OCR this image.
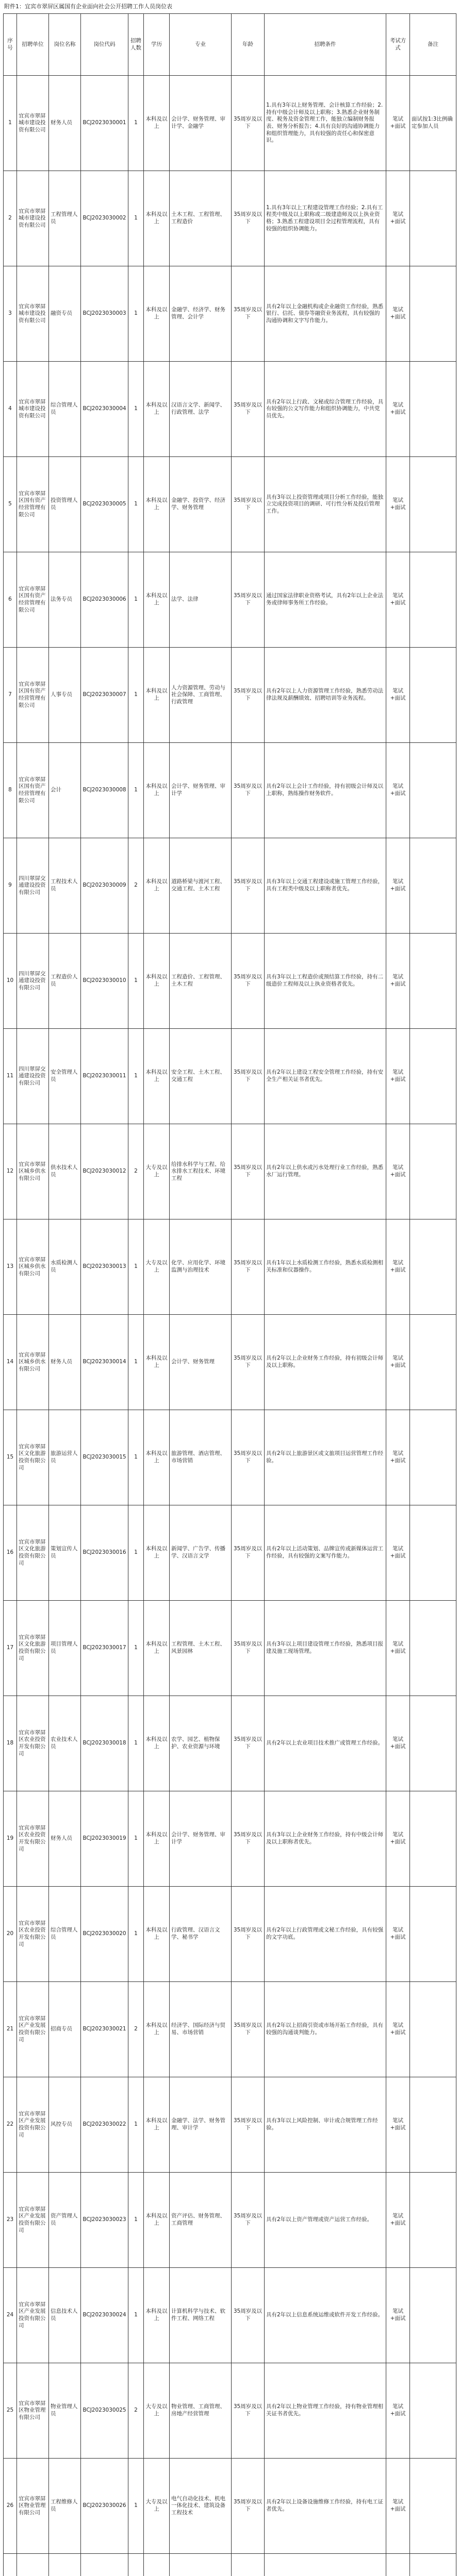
附件1：宜宾市翠屏区属国有企业面向社会公开招聘工作人员岗位表
序号	招聘单位	岗位名称	岗位代码	招聘人数	学历	专业	年龄	招聘条件	考试方式	备注
1	宜宾市翠屏城市建设投资有限公司	财务人员	BCJ2023030001	1	本科及以上	会计学、财务管理、审计学、金融学	35周岁及以下	1.具有3年以上财务管理、会计核算工作经验；2.持有中级会计师及以上职称；3.熟悉企业财务制度、税务及资金管理工作，能独立编制财务报表、财务分析报告；4.具有良好的沟通协调能力和组织管理能力，具有较强的责任心和保密意识。	笔试+面试	面试按1:3比例确定参加人员
2	宜宾市翠屏城市建设投资有限公司	工程管理人员	BCJ2023030002	1	本科及以上	土木工程、工程管理、工程造价	35周岁及以下	1.具有3年以上工程建设管理工作经验；2.具有工程类中级及以上职称或二级建造师及以上执业资格；3.熟悉工程建设项目全过程管理流程，具有较强的组织协调能力。	笔试+面试	
3	宜宾市翠屏城市建设投资有限公司	融资专员	BCJ2023030003	1	本科及以上	金融学、经济学、财务管理、会计学	35周岁及以下	具有2年以上金融机构或企业融资工作经验，熟悉银行、信托、债券等融资业务流程，具有较强的沟通协调和文字写作能力。	笔试+面试	
4	宜宾市翠屏城市建设投资有限公司	综合管理人员	BCJ2023030004	1	本科及以上	汉语言文学、新闻学、行政管理、法学	35周岁及以下	具有2年以上行政、文秘或综合管理工作经验，具有较强的公文写作能力和组织协调能力，中共党员优先。	笔试+面试	
5	宜宾市翠屏区国有资产经营管理有限公司	投资管理人员	BCJ2023030005	1	本科及以上	金融学、投资学、经济学、财务管理	35周岁及以下	具有3年以上投资管理或项目分析工作经验，能独立完成投资项目的调研、可行性分析及投后管理工作。	笔试+面试	
6	宜宾市翠屏区国有资产经营管理有限公司	法务专员	BCJ2023030006	1	本科及以上	法学、法律	35周岁及以下	通过国家法律职业资格考试，具有2年以上企业法务或律师事务所工作经验。	笔试+面试	
7	宜宾市翠屏区国有资产经营管理有限公司	人事专员	BCJ2023030007	1	本科及以上	人力资源管理、劳动与社会保障、工商管理、行政管理	35周岁及以下	具有2年以上人力资源管理工作经验，熟悉劳动法律法规及薪酬绩效、招聘培训等业务流程。	笔试+面试	
8	宜宾市翠屏区国有资产经营管理有限公司	会计	BCJ2023030008	1	本科及以上	会计学、财务管理、审计学	35周岁及以下	具有2年以上会计工作经验，持有初级会计师及以上职称，熟练操作财务软件。	笔试+面试	
9	四川翠屏交通建设投资有限公司	工程技术人员	BCJ2023030009	2	本科及以上	道路桥梁与渡河工程、交通工程、土木工程	35周岁及以下	具有3年以上交通工程建设或施工管理工作经验，具有工程类中级及以上职称者优先。	笔试+面试	
10	四川翠屏交通建设投资有限公司	工程造价人员	BCJ2023030010	1	本科及以上	工程造价、工程管理、土木工程	35周岁及以下	具有3年以上工程造价或预结算工作经验，持有二级造价工程师及以上执业资格者优先。	笔试+面试	
11	四川翠屏交通建设投资有限公司	安全管理人员	BCJ2023030011	1	本科及以上	安全工程、土木工程、交通工程	35周岁及以下	具有2年以上建设工程安全管理工作经验，持有安全生产相关证书者优先。	笔试+面试	
12	宜宾市翠屏区城乡供水有限公司	供水技术人员	BCJ2023030012	2	大专及以上	给排水科学与工程、给水排水工程技术、环境工程	35周岁及以下	具有2年以上供水或污水处理行业工作经验，熟悉水厂运行管理。	笔试+面试	
13	宜宾市翠屏区城乡供水有限公司	水质检测人员	BCJ2023030013	1	大专及以上	化学、应用化学、环境监测与治理技术	35周岁及以下	具有1年以上水质检测工作经验，熟悉水质检测相关标准和仪器操作。	笔试+面试	
14	宜宾市翠屏区城乡供水有限公司	财务人员	BCJ2023030014	1	本科及以上	会计学、财务管理	35周岁及以下	具有2年以上企业财务工作经验，持有初级会计师及以上职称。	笔试+面试	
15	宜宾市翠屏区文化旅游投资有限公司	旅游运营人员	BCJ2023030015	1	本科及以上	旅游管理、酒店管理、市场营销	35周岁及以下	具有2年以上旅游景区或文旅项目运营管理工作经验。	笔试+面试	
16	宜宾市翠屏区文化旅游投资有限公司	策划宣传人员	BCJ2023030016	1	本科及以上	新闻学、广告学、传播学、汉语言文学	35周岁及以下	具有2年以上活动策划、品牌宣传或新媒体运营工作经验，具有较强的文案写作能力。	笔试+面试	
17	宜宾市翠屏区文化旅游投资有限公司	项目管理人员	BCJ2023030017	1	本科及以上	工程管理、土木工程、风景园林	35周岁及以下	具有3年以上项目建设管理工作经验，熟悉项目报建及施工现场管理。	笔试+面试	
18	宜宾市翠屏区农业投资开发有限公司	农业技术人员	BCJ2023030018	1	本科及以上	农学、园艺、植物保护、农业资源与环境	35周岁及以下	具有2年以上农业项目技术推广或管理工作经验。	笔试+面试	
19	宜宾市翠屏区农业投资开发有限公司	财务人员	BCJ2023030019	1	本科及以上	会计学、财务管理、审计学	35周岁及以下	具有3年以上企业财务工作经验，持有中级会计师及以上职称者优先。	笔试+面试	
20	宜宾市翠屏区农业投资开发有限公司	综合管理人员	BCJ2023030020	1	本科及以上	行政管理、汉语言文学、秘书学	35周岁及以下	具有2年以上行政管理或文秘工作经验，具有较强的文字功底。	笔试+面试	
21	宜宾市翠屏区产业发展投资有限公司	招商专员	BCJ2023030021	2	本科及以上	经济学、国际经济与贸易、市场营销	35周岁及以下	具有2年以上招商引资或市场开拓工作经验，具有较强的沟通谈判能力。	笔试+面试	
22	宜宾市翠屏区产业发展投资有限公司	风控专员	BCJ2023030022	1	本科及以上	金融学、法学、财务管理、审计学	35周岁及以下	具有3年以上风险控制、审计或合规管理工作经验。	笔试+面试	
23	宜宾市翠屏区产业发展投资有限公司	资产管理人员	BCJ2023030023	1	本科及以上	资产评估、财务管理、工商管理	35周岁及以下	具有2年以上资产管理或资产运营工作经验。	笔试+面试	
24	宜宾市翠屏区产业发展投资有限公司	信息技术人员	BCJ2023030024	1	本科及以上	计算机科学与技术、软件工程、网络工程	35周岁及以下	具有2年以上信息系统运维或软件开发工作经验。	笔试+面试	
25	宜宾市翠屏区物业管理有限公司	物业管理人员	BCJ2023030025	2	大专及以上	物业管理、工商管理、房地产经营管理	35周岁及以下	具有2年以上物业管理工作经验，持有物业管理相关证书者优先。	笔试+面试	
26	宜宾市翠屏区物业管理有限公司	工程维修人员	BCJ2023030026	1	大专及以上	电气自动化技术、机电一体化技术、建筑设备工程技术	35周岁及以下	具有2年以上设备设施维修工作经验，持有电工证者优先。	笔试+面试	
